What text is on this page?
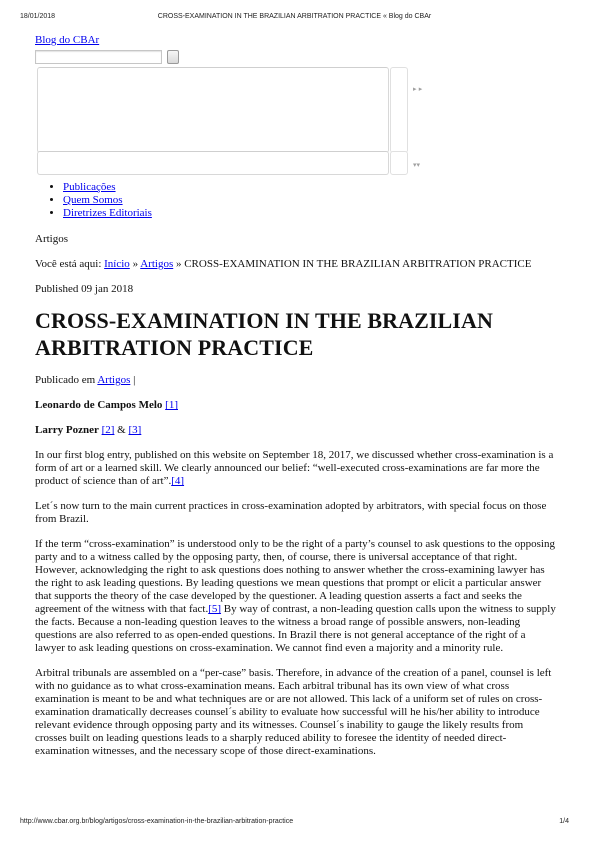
18/01/2018	CROSS-EXAMINATION IN THE BRAZILIAN ARBITRATION PRACTICE « Blog do CBAr
Blog do CBAr
▸ ▸
▾▾
• Publicações
• Quem Somos
• Diretrizes Editoriais

Artigos

Você está aqui: Início » Artigos » CROSS-EXAMINATION IN THE BRAZILIAN ARBITRATION PRACTICE

Published 09 jan 2018

CROSS-EXAMINATION IN THE BRAZILIAN ARBITRATION PRACTICE

Publicado em Artigos |

Leonardo de Campos Melo [1]

Larry Pozner [2] & [3]

In our first blog entry, published on this website on September 18, 2017, we discussed whether cross-examination is a form of art or a learned skill. We clearly announced our belief: “well-executed cross-examinations are far more the product of science than of art”.[4]

Let´s now turn to the main current practices in cross-examination adopted by arbitrators, with special focus on those from Brazil.

If the term “cross-examination” is understood only to be the right of a party’s counsel to ask questions to the opposing party and to a witness called by the opposing party, then, of course, there is universal acceptance of that right. However, acknowledging the right to ask questions does nothing to answer whether the cross-examining lawyer has the right to ask leading questions. By leading questions we mean questions that prompt or elicit a particular answer that supports the theory of the case developed by the questioner. A leading question asserts a fact and seeks the agreement of the witness with that fact.[5] By way of contrast, a non-leading question calls upon the witness to supply the facts. Because a non-leading question leaves to the witness a broad range of possible answers, non-leading questions are also referred to as open-ended questions. In Brazil there is not general acceptance of the right of a lawyer to ask leading questions on cross-examination. We cannot find even a majority and a minority rule.

Arbitral tribunals are assembled on a “per-case” basis. Therefore, in advance of the creation of a panel, counsel is left with no guidance as to what cross-examination means. Each arbitral tribunal has its own view of what cross examination is meant to be and what techniques are or are not allowed. This lack of a uniform set of rules on cross-examination dramatically decreases counsel´s ability to evaluate how successful will he his/her ability to introduce relevant evidence through opposing party and its witnesses. Counsel´s inability to gauge the likely results from crosses built on leading questions leads to a sharply reduced ability to foresee the identity of needed direct-examination witnesses, and the necessary scope of those direct-examinations.

http://www.cbar.org.br/blog/artigos/cross-examination-in-the-brazilian-arbitration-practice	1/4
